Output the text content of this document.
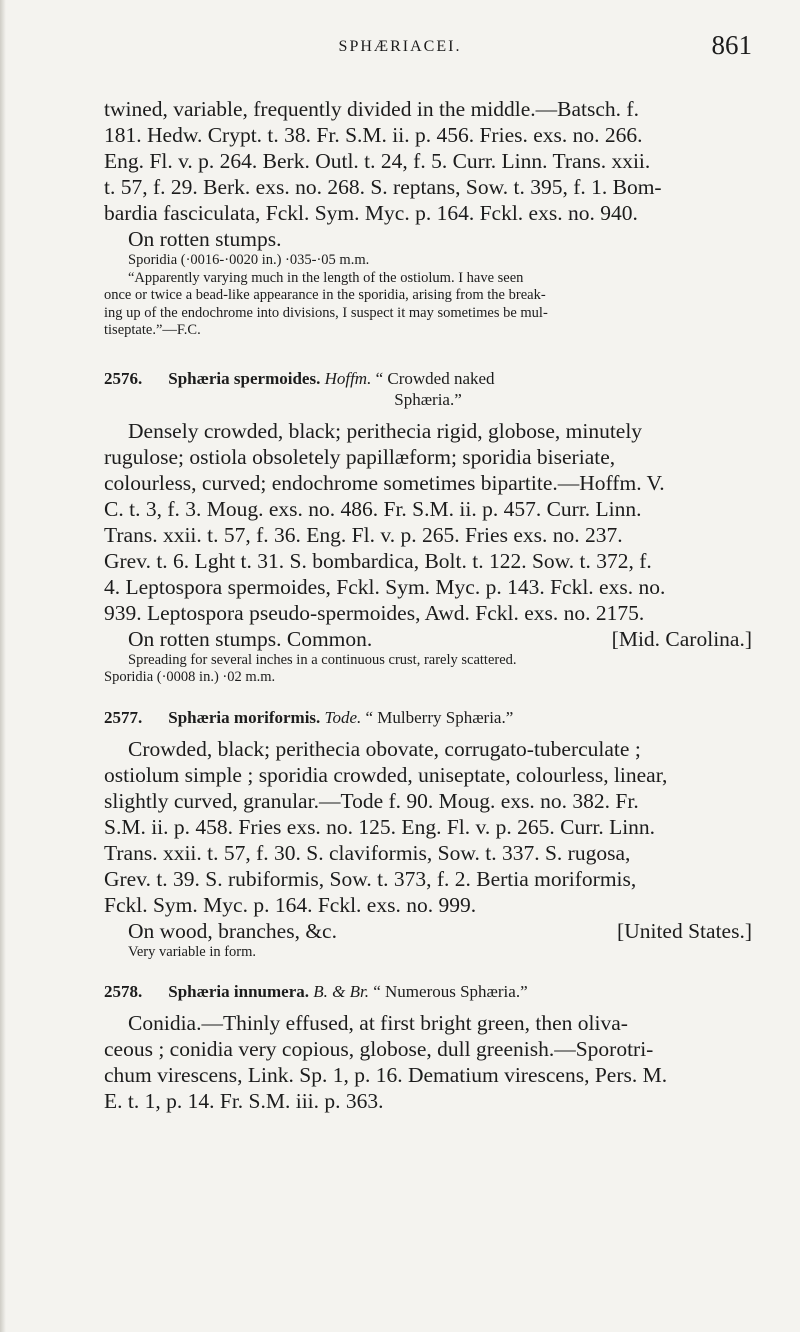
SPHÆRIACEI.	861

twined, variable, frequently divided in the middle.—Batsch. f.

181. Hedw. Crypt. t. 38. Fr. S.M. ii. p. 456. Fries. exs. no. 266.

Eng. Fl. v. p. 264. Berk. Outl. t. 24, f. 5. Curr. Linn. Trans. xxii.

t. 57, f. 29. Berk. exs. no. 268. S. reptans, Sow. t. 395, f. 1. Bom-

bardia fasciculata, Fckl. Sym. Myc. p. 164. Fckl. exs. no. 940.

On rotten stumps.

Sporidia (·0016-·0020 in.) ·035-·05 m.m.

“Apparently varying much in the length of the ostiolum. I have seen

once or twice a bead-like appearance in the sporidia, arising from the break-

ing up of the endochrome into divisions, I suspect it may sometimes be mul-

tiseptate.”—F.C.

2576. Sphæria spermoides. Hoffm. “ Crowded naked
Sphæria.”

Densely crowded, black; perithecia rigid, globose, minutely

rugulose; ostiola obsoletely papillæform; sporidia biseriate,

colourless, curved; endochrome sometimes bipartite.—Hoffm. V.

C. t. 3, f. 3. Moug. exs. no. 486. Fr. S.M. ii. p. 457. Curr. Linn.

Trans. xxii. t. 57, f. 36. Eng. Fl. v. p. 265. Fries exs. no. 237.

Grev. t. 6. Lght t. 31. S. bombardica, Bolt. t. 122. Sow. t. 372, f.

4. Leptospora spermoides, Fckl. Sym. Myc. p. 143. Fckl. exs. no.

939. Leptospora pseudo-spermoides, Awd. Fckl. exs. no. 2175.

On rotten stumps. Common.	[Mid. Carolina.]

Spreading for several inches in a continuous crust, rarely scattered.

Sporidia (·0008 in.) ·02 m.m.

2577. Sphæria moriformis. Tode. “ Mulberry Sphæria.”

Crowded, black; perithecia obovate, corrugato-tuberculate ;

ostiolum simple ; sporidia crowded, uniseptate, colourless, linear,

slightly curved, granular.—Tode f. 90. Moug. exs. no. 382. Fr.

S.M. ii. p. 458. Fries exs. no. 125. Eng. Fl. v. p. 265. Curr. Linn.

Trans. xxii. t. 57, f. 30. S. claviformis, Sow. t. 337. S. rugosa,

Grev. t. 39. S. rubiformis, Sow. t. 373, f. 2. Bertia moriformis,

Fckl. Sym. Myc. p. 164. Fckl. exs. no. 999.

On wood, branches, &c.	[United States.]

Very variable in form.

2578. Sphæria innumera. B. & Br. “ Numerous Sphæria.”

Conidia.—Thinly effused, at first bright green, then oliva-

ceous ; conidia very copious, globose, dull greenish.—Sporotri-

chum virescens, Link. Sp. 1, p. 16. Dematium virescens, Pers. M.

E. t. 1, p. 14. Fr. S.M. iii. p. 363.
